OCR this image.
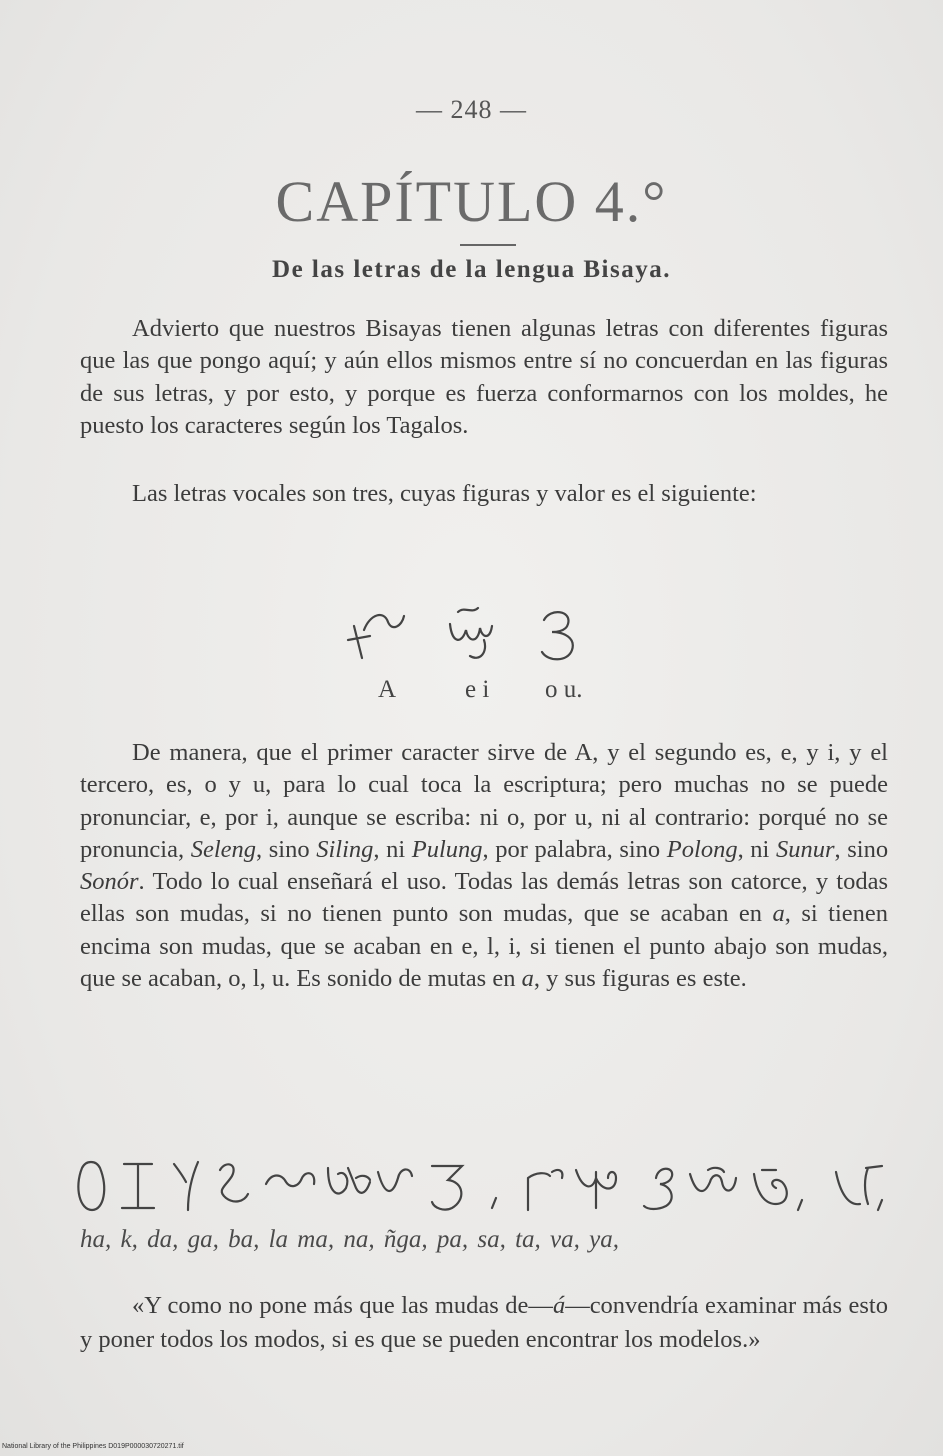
— 248 —
CAPÍTULO 4.°
De las letras de la lengua Bisaya.
Advierto que nuestros Bisayas tienen algunas letras con diferentes figuras que las que pongo aquí; y aún ellos mismos entre sí no concuerdan en las figuras de sus letras, y por esto, y porque es fuerza conformarnos con los moldes, he puesto los caracteres según los Tagalos.
Las letras vocales son tres, cuyas figuras y valor es el siguiente:
A	e i o u.
De manera, que el primer caracter sirve de A, y el segundo es, e, y i, y el tercero, es, o y u, para lo cual toca la escriptura; pero muchas no se puede pronunciar, e, por i, aunque se escriba: ni o, por u, ni al contrario: porqué no se pronuncia, Seleng, sino Siling, ni Pulung, por palabra, sino Polong, ni Sunur, sino Sonór. Todo lo cual enseñará el uso. Todas las demás letras son catorce, y todas ellas son mudas, si no tienen punto son mudas, que se acaban en a, si tienen encima son mudas, que se acaban en e, l, i, si tienen el punto abajo son mudas, que se acaban, o, l, u. Es sonido de mutas en a, y sus figuras es este.
ha, k, da, ga, ba, la ma, na, ñga, pa, sa, ta, va, ya,
«Y como no pone más que las mudas de—á—convendría examinar más esto y poner todos los modos, si es que se pueden encontrar los modelos.»
National Library of the Philippines D019P000030720271.tif
